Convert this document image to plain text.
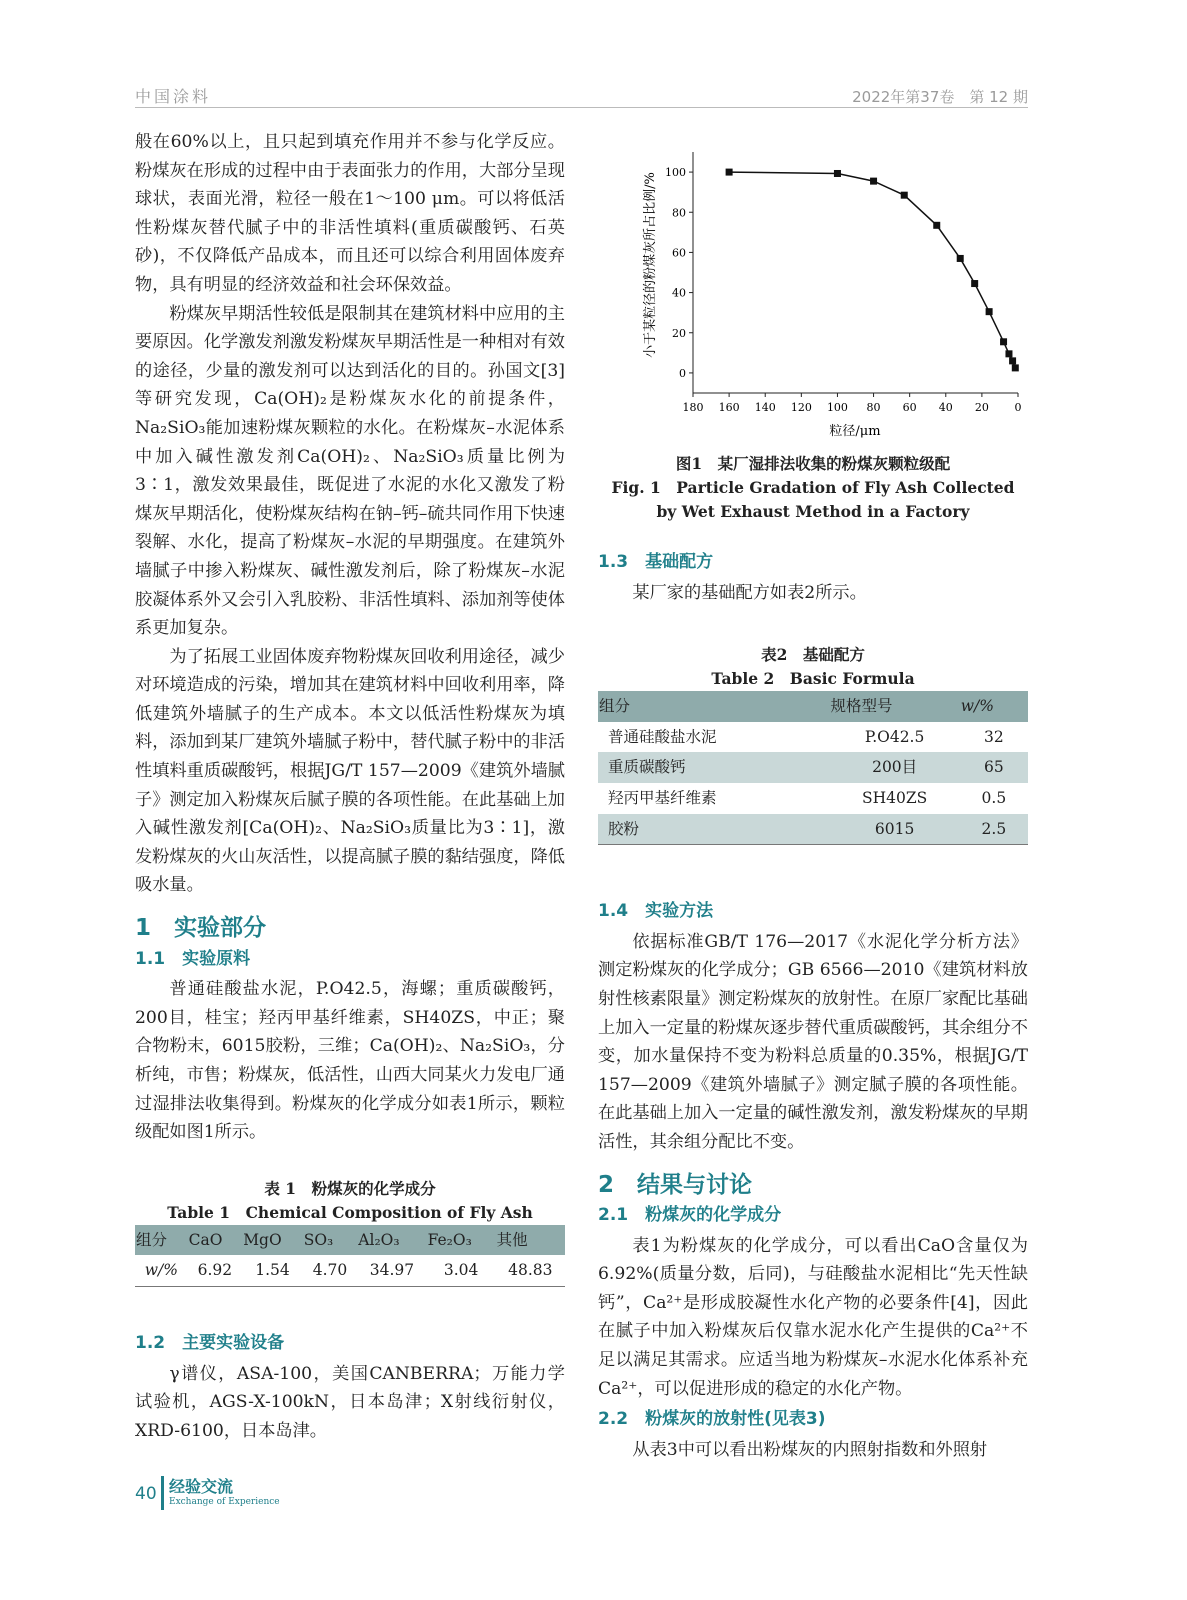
中国涂料	2022年第37卷　第 12 期

般在60%以上，且只起到填充作用并不参与化学反应。粉煤灰在形成的过程中由于表面张力的作用，大部分呈现球状，表面光滑，粒径一般在1～100 μm。可以将低活性粉煤灰替代腻子中的非活性填料(重质碳酸钙、石英砂)，不仅降低产品成本，而且还可以综合利用固体废弃物，具有明显的经济效益和社会环保效益。

粉煤灰早期活性较低是限制其在建筑材料中应用的主要原因。化学激发剂激发粉煤灰早期活性是一种相对有效的途径，少量的激发剂可以达到活化的目的。孙国文[3]等研究发现，Ca(OH)₂是粉煤灰水化的前提条件，Na₂SiO₃能加速粉煤灰颗粒的水化。在粉煤灰–水泥体系中加入碱性激发剂Ca(OH)₂、Na₂SiO₃质量比例为3∶1，激发效果最佳，既促进了水泥的水化又激发了粉煤灰早期活化，使粉煤灰结构在钠–钙–硫共同作用下快速裂解、水化，提高了粉煤灰–水泥的早期强度。在建筑外墙腻子中掺入粉煤灰、碱性激发剂后，除了粉煤灰–水泥胶凝体系外又会引入乳胶粉、非活性填料、添加剂等使体系更加复杂。

为了拓展工业固体废弃物粉煤灰回收利用途径，减少对环境造成的污染，增加其在建筑材料中回收利用率，降低建筑外墙腻子的生产成本。本文以低活性粉煤灰为填料，添加到某厂建筑外墙腻子粉中，替代腻子粉中的非活性填料重质碳酸钙，根据JG/T 157—2009《建筑外墙腻子》测定加入粉煤灰后腻子膜的各项性能。在此基础上加入碱性激发剂[Ca(OH)₂、Na₂SiO₃质量比为3∶1]，激发粉煤灰的火山灰活性，以提高腻子膜的黏结强度，降低吸水量。

1　实验部分
1.1　实验原料

普通硅酸盐水泥，P.O42.5，海螺；重质碳酸钙，200目，桂宝；羟丙甲基纤维素，SH40ZS，中正；聚合物粉末，6015胶粉，三维；Ca(OH)₂、Na₂SiO₃，分析纯，市售；粉煤灰，低活性，山西大同某火力发电厂通过湿排法收集得到。粉煤灰的化学成分如表1所示，颗粒级配如图1所示。

表 1　粉煤灰的化学成分
Table 1　Chemical Composition of Fly Ash
组分	CaO	MgO	SO₃	Al₂O₃	Fe₂O₃	其他
w/%	6.92	1.54	4.70	34.97	3.04	48.83
1.2　主要实验设备

γ谱仪，ASA-100，美国CANBERRA；万能力学试验机，AGS-X-100kN，日本岛津；X射线衍射仪，XRD-6100，日本岛津。

小于某粒径的粉煤灰所占比例/%
粒径/μm
180 160 140 120 100 80 60 40 20 0
0
20
40
60
80
100
图1　某厂湿排法收集的粉煤灰颗粒级配
Fig. 1　Particle Gradation of Fly Ash Collected by Wet Exhaust Method in a Factory
1.3　基础配方

某厂家的基础配方如表2所示。

表2　基础配方
Table 2　Basic Formula
组分	规格型号	w/%
普通硅酸盐水泥	P.O42.5	32
重质碳酸钙	200目	65
羟丙甲基纤维素	SH40ZS	0.5
胶粉	6015	2.5
1.4　实验方法

依据标准GB/T 176—2017《水泥化学分析方法》测定粉煤灰的化学成分；GB 6566—2010《建筑材料放射性核素限量》测定粉煤灰的放射性。在原厂家配比基础上加入一定量的粉煤灰逐步替代重质碳酸钙，其余组分不变，加水量保持不变为粉料总质量的0.35%，根据JG/T 157—2009《建筑外墙腻子》测定腻子膜的各项性能。在此基础上加入一定量的碱性激发剂，激发粉煤灰的早期活性，其余组分配比不变。

2　结果与讨论
2.1　粉煤灰的化学成分

表1为粉煤灰的化学成分，可以看出CaO含量仅为6.92%(质量分数，后同)，与硅酸盐水泥相比“先天性缺钙”，Ca²⁺是形成胶凝性水化产物的必要条件[4]，因此在腻子中加入粉煤灰后仅靠水泥水化产生提供的Ca²⁺不足以满足其需求。应适当地为粉煤灰–水泥水化体系补充Ca²⁺，可以促进形成的稳定的水化产物。

2.2　粉煤灰的放射性(见表3)

从表3中可以看出粉煤灰的内照射指数和外照射

40 经验交流
Exchange of Experience
